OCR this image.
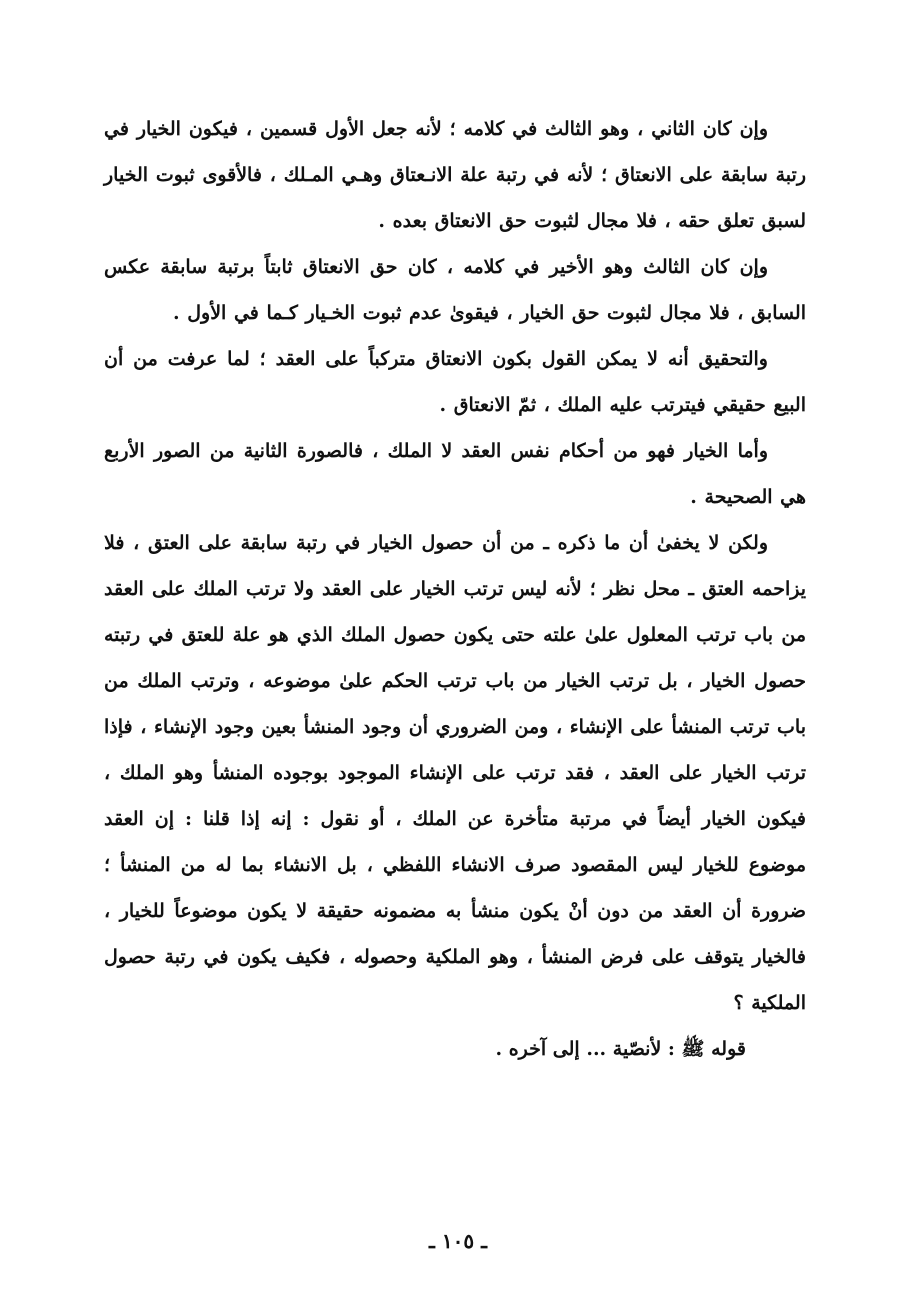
وإن كان الثاني ، وهو الثالث في كلامه ؛ لأنه جعل الأول قسمين ، فيكون الخيار في رتبة سابقة على الانعتاق ؛ لأنه في رتبة علة الانـعتاق وهـي المـلك ، فالأقوى ثبوت الخيار لسبق تعلق حقه ، فلا مجال لثبوت حق الانعتاق بعده .

وإن كان الثالث وهو الأخير في كلامه ، كان حق الانعتاق ثابتاً برتبة سابقة عكس السابق ، فلا مجال لثبوت حق الخيار ، فيقوىٰ عدم ثبوت الخـيار كـما في الأول .

والتحقيق أنه لا يمكن القول بكون الانعتاق متركباً على العقد ؛ لما عرفت من أن البيع حقيقي فيترتب عليه الملك ، ثمّ الانعتاق .

وأما الخيار فهو من أحكام نفس العقد لا الملك ، فالصورة الثانية من الصور الأربع هي الصحيحة .

ولكن لا يخفىٰ أن ما ذكره ـ من أن حصول الخيار في رتبة سابقة على العتق ، فلا يزاحمه العتق ـ محل نظر ؛ لأنه ليس ترتب الخيار على العقد ولا ترتب الملك على العقد من باب ترتب المعلول علىٰ علته حتى يكون حصول الملك الذي هو علة للعتق في رتبته حصول الخيار ، بل ترتب الخيار من باب ترتب الحكم علىٰ موضوعه ، وترتب الملك من باب ترتب المنشأ على الإنشاء ، ومن الضروري أن وجود المنشأ بعين وجود الإنشاء ، فإذا ترتب الخيار على العقد ، فقد ترتب على الإنشاء الموجود بوجوده المنشأ وهو الملك ، فيكون الخيار أيضاً في مرتبة متأخرة عن الملك ، أو نقول : إنه إذا قلنا : إن العقد موضوع للخيار ليس المقصود صرف الانشاء اللفظي ، بل الانشاء بما له من المنشأ ؛ ضرورة أن العقد من دون أنْ يكون منشأ به مضمونه حقيقة لا يكون موضوعاً للخيار ، فالخيار يتوقف على فرض المنشأ ، وهو الملكية وحصوله ، فكيف يكون في رتبة حصول الملكية ؟

قوله ﷺ : لأنصّية ... إلى آخره .

ـ ١٠٥ ـ
